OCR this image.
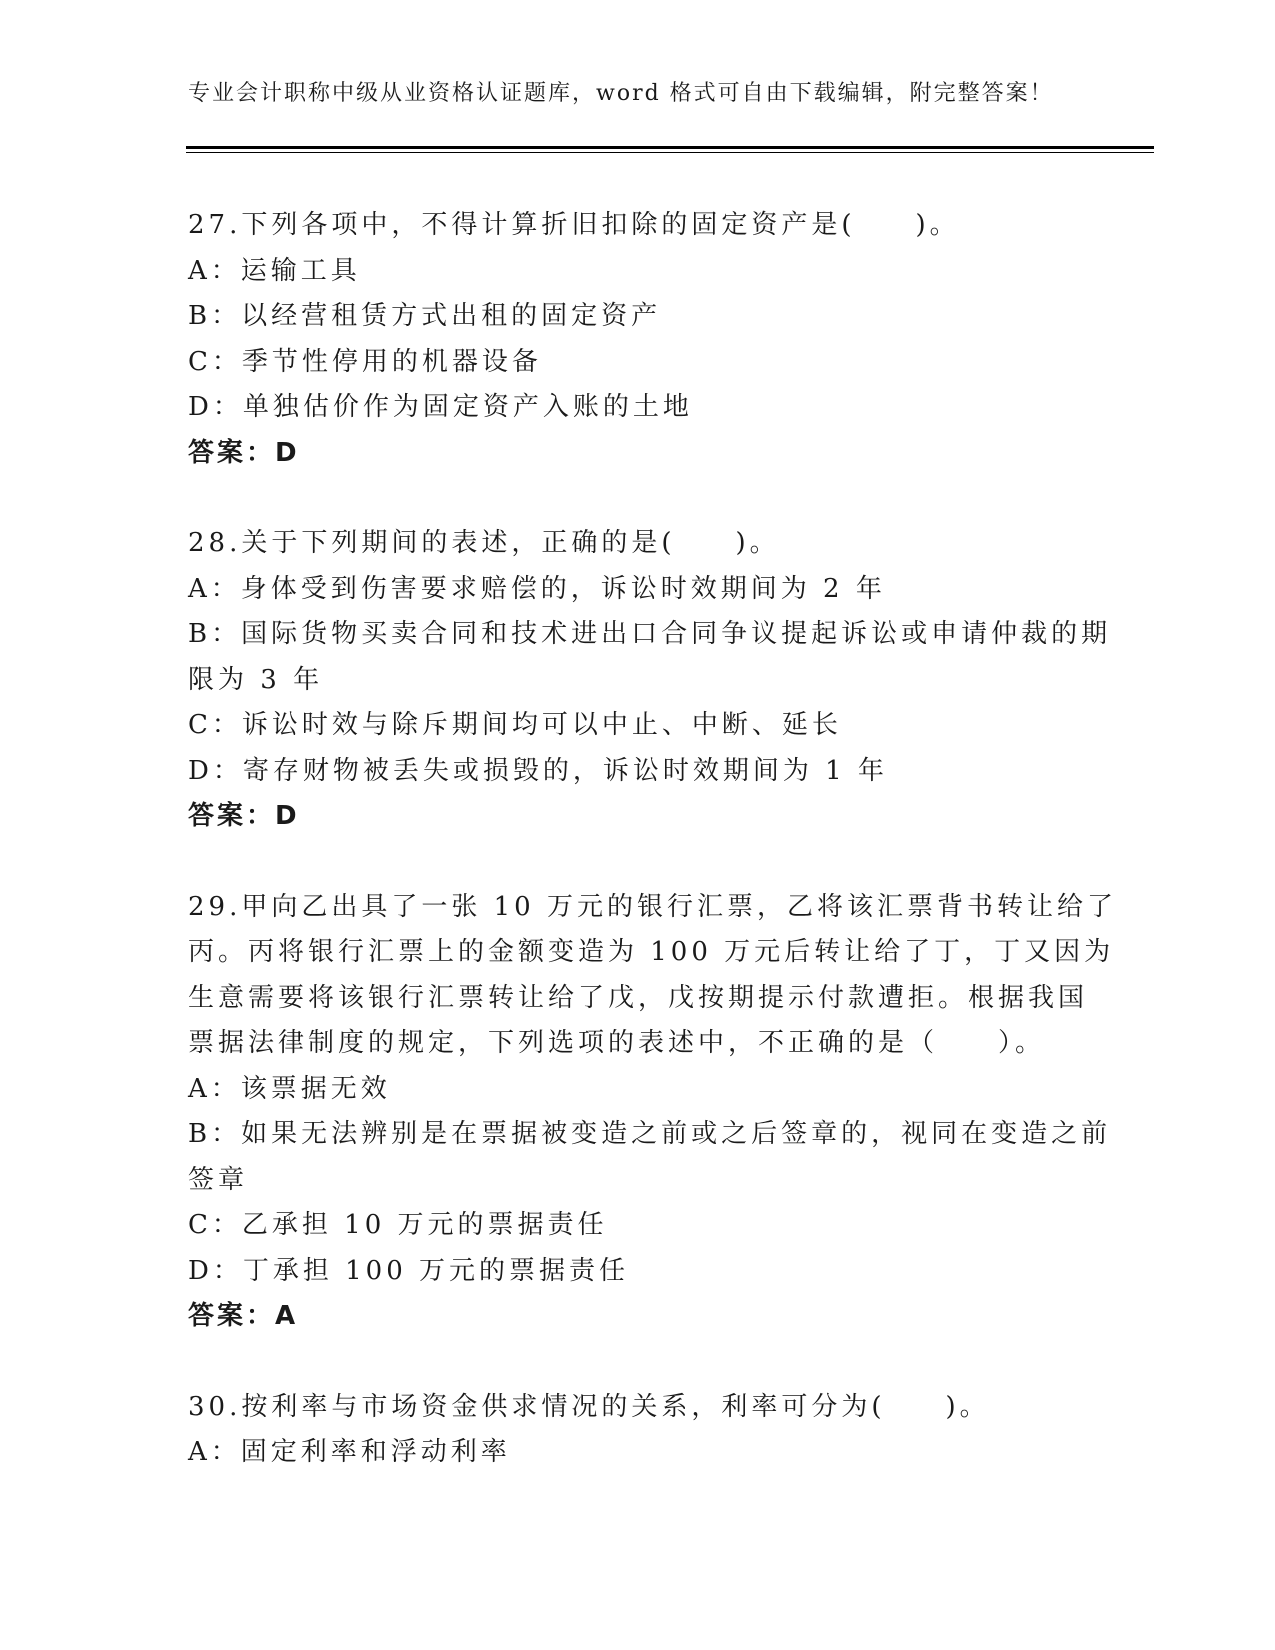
专业会计职称中级从业资格认证题库，word 格式可自由下载编辑，附完整答案！

27.下列各项中，不得计算折旧扣除的固定资产是(　　)。

A：运输工具

B：以经营租赁方式出租的固定资产

C：季节性停用的机器设备

D：单独估价作为固定资产入账的土地

答案：D

28.关于下列期间的表述，正确的是(　　)。

A：身体受到伤害要求赔偿的，诉讼时效期间为 2 年

B：国际货物买卖合同和技术进出口合同争议提起诉讼或申请仲裁的期

限为 3 年

C：诉讼时效与除斥期间均可以中止、中断、延长

D：寄存财物被丢失或损毁的，诉讼时效期间为 1 年

答案：D

29.甲向乙出具了一张 10 万元的银行汇票，乙将该汇票背书转让给了

丙。丙将银行汇票上的金额变造为 100 万元后转让给了丁，丁又因为

生意需要将该银行汇票转让给了戊，戊按期提示付款遭拒。根据我国

票据法律制度的规定，下列选项的表述中，不正确的是（　　）。

A：该票据无效

B：如果无法辨别是在票据被变造之前或之后签章的，视同在变造之前

签章

C：乙承担 10 万元的票据责任

D：丁承担 100 万元的票据责任

答案：A

30.按利率与市场资金供求情况的关系，利率可分为(　　)。

A：固定利率和浮动利率
